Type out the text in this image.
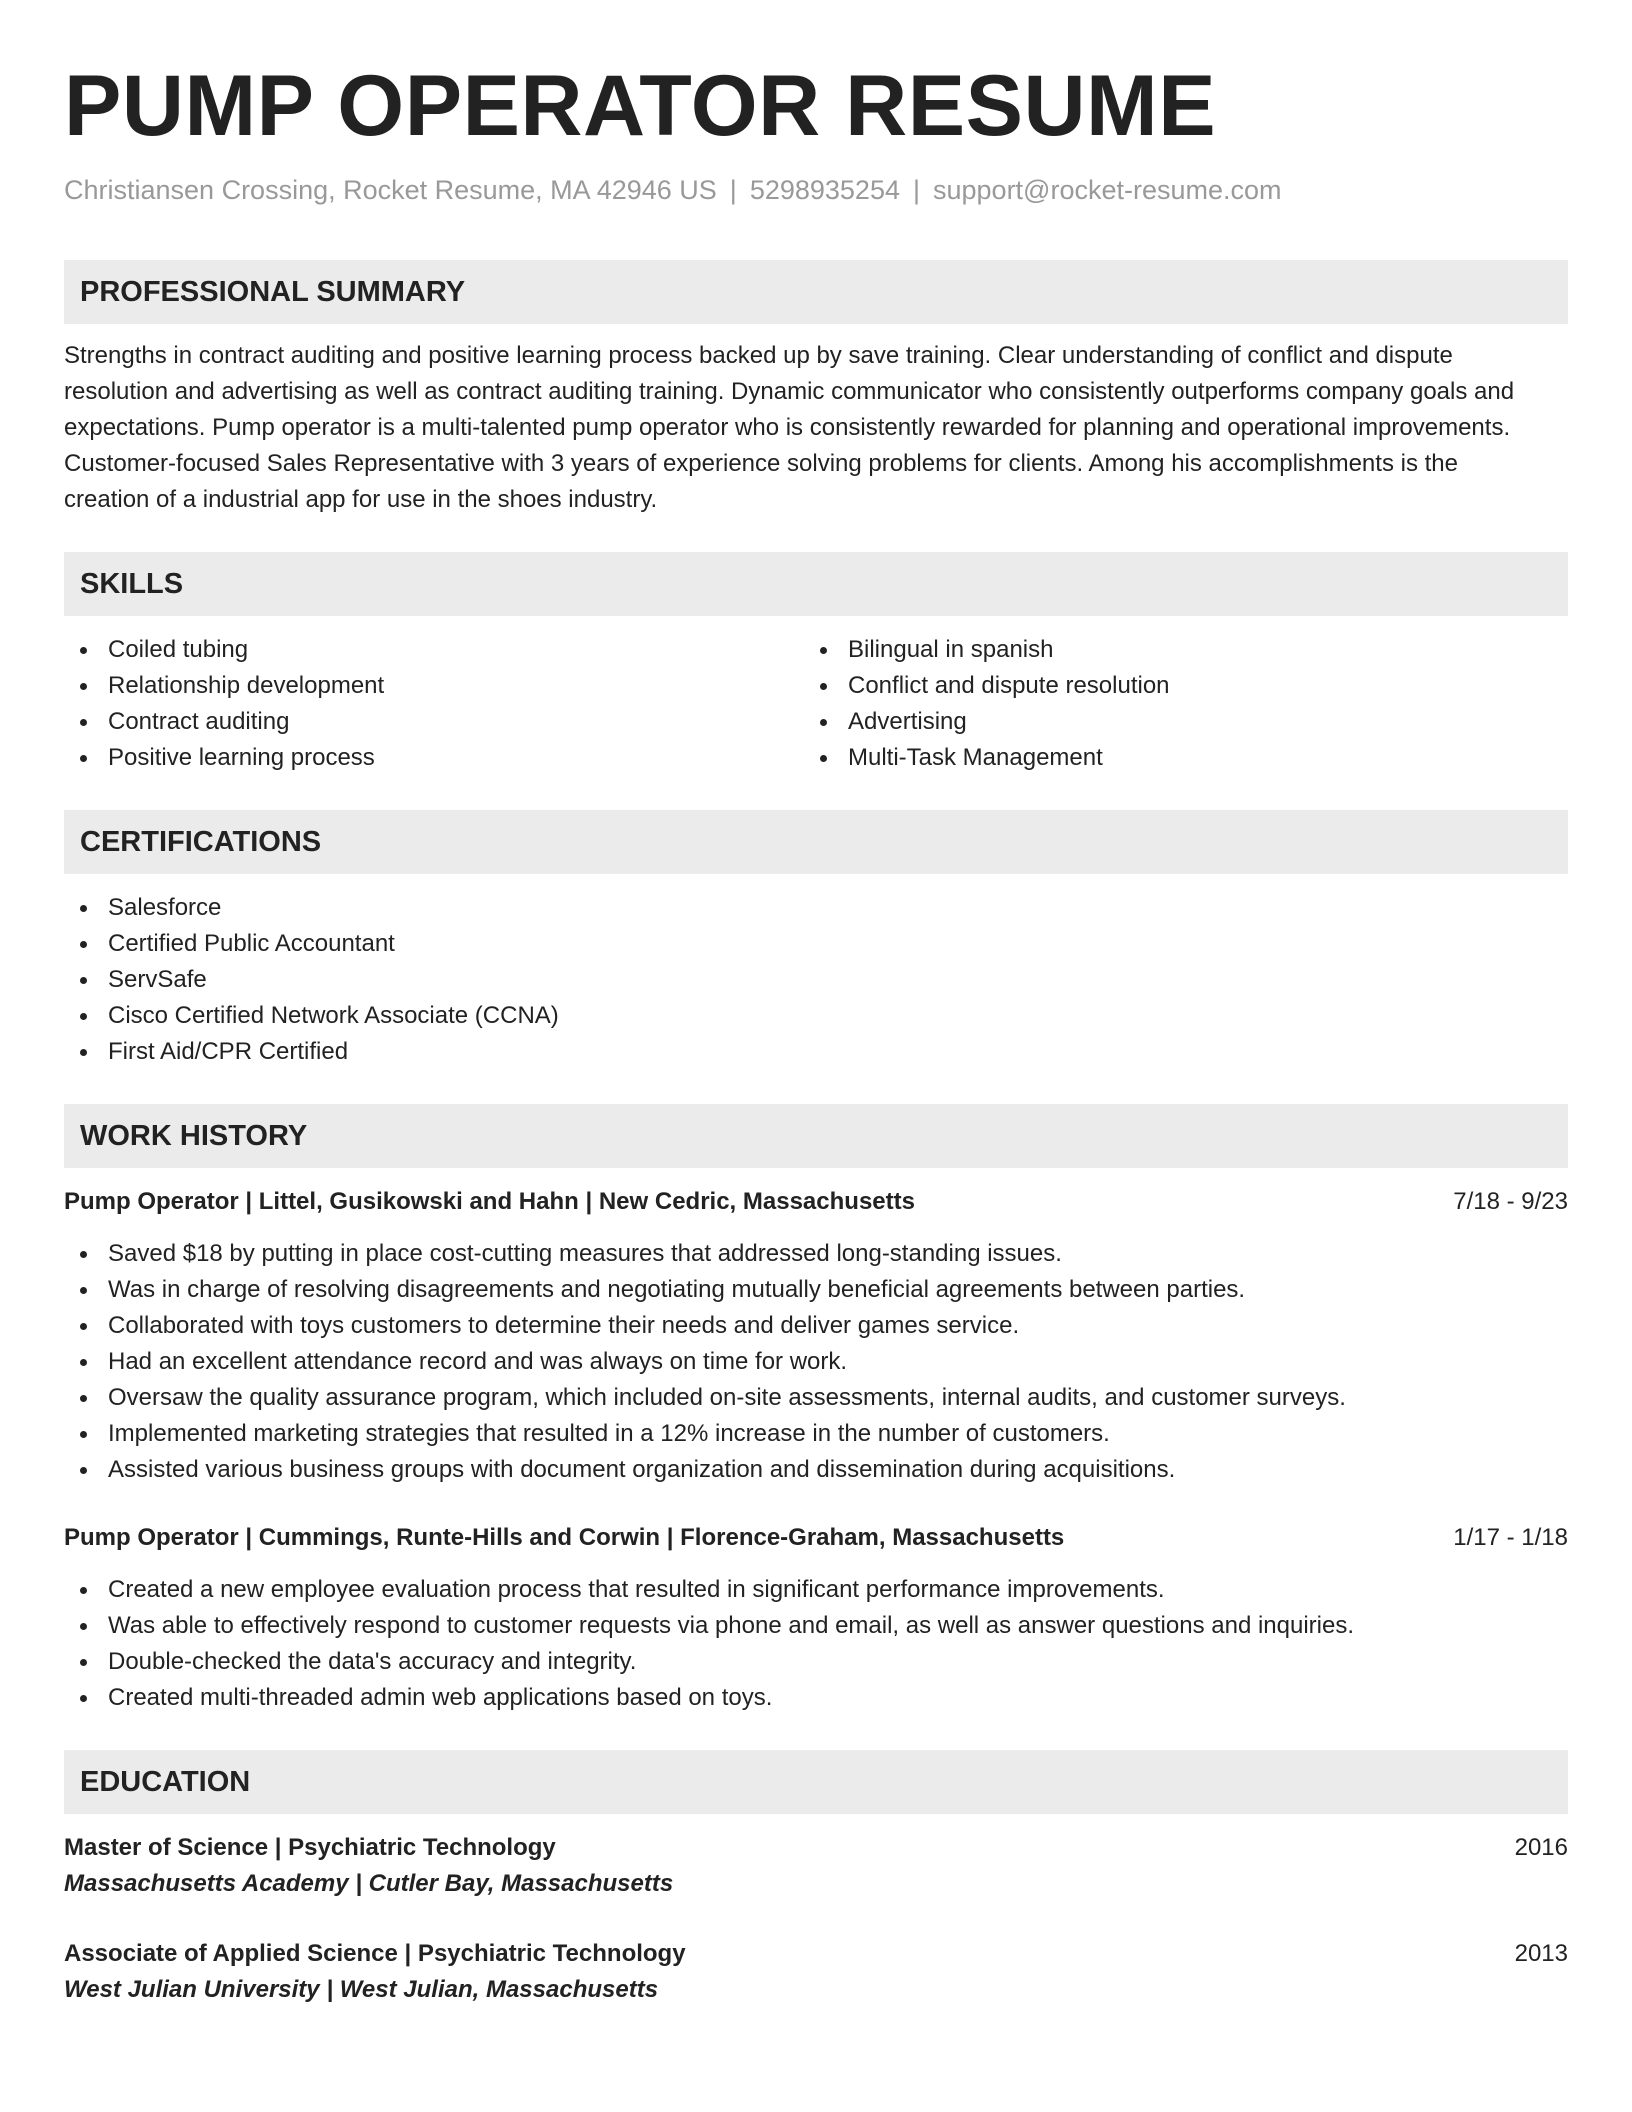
PUMP OPERATOR RESUME
Christiansen Crossing, Rocket Resume, MA 42946 US | 5298935254 | support@rocket-resume.com
PROFESSIONAL SUMMARY

Strengths in contract auditing and positive learning process backed up by save training. Clear understanding of conflict and dispute resolution and advertising as well as contract auditing training. Dynamic communicator who consistently outperforms company goals and expectations. Pump operator is a multi-talented pump operator who is consistently rewarded for planning and operational improvements. Customer-focused Sales Representative with 3 years of experience solving problems for clients. Among his accomplishments is the creation of a industrial app for use in the shoes industry.

SKILLS
Coiled tubing
Relationship development
Contract auditing
Positive learning process
Bilingual in spanish
Conflict and dispute resolution
Advertising
Multi-Task Management
CERTIFICATIONS
Salesforce
Certified Public Accountant
ServSafe
Cisco Certified Network Associate (CCNA)
First Aid/CPR Certified
WORK HISTORY
Pump Operator | Littel, Gusikowski and Hahn | New Cedric, Massachusetts	7/18 - 9/23
Saved $18 by putting in place cost-cutting measures that addressed long-standing issues.
Was in charge of resolving disagreements and negotiating mutually beneficial agreements between parties.
Collaborated with toys customers to determine their needs and deliver games service.
Had an excellent attendance record and was always on time for work.
Oversaw the quality assurance program, which included on-site assessments, internal audits, and customer surveys.
Implemented marketing strategies that resulted in a 12% increase in the number of customers.
Assisted various business groups with document organization and dissemination during acquisitions.
Pump Operator | Cummings, Runte-Hills and Corwin | Florence-Graham, Massachusetts	1/17 - 1/18
Created a new employee evaluation process that resulted in significant performance improvements.
Was able to effectively respond to customer requests via phone and email, as well as answer questions and inquiries.
Double-checked the data's accuracy and integrity.
Created multi-threaded admin web applications based on toys.
EDUCATION
Master of Science | Psychiatric Technology	2016
Massachusetts Academy | Cutler Bay, Massachusetts
Associate of Applied Science | Psychiatric Technology	2013
West Julian University | West Julian, Massachusetts
